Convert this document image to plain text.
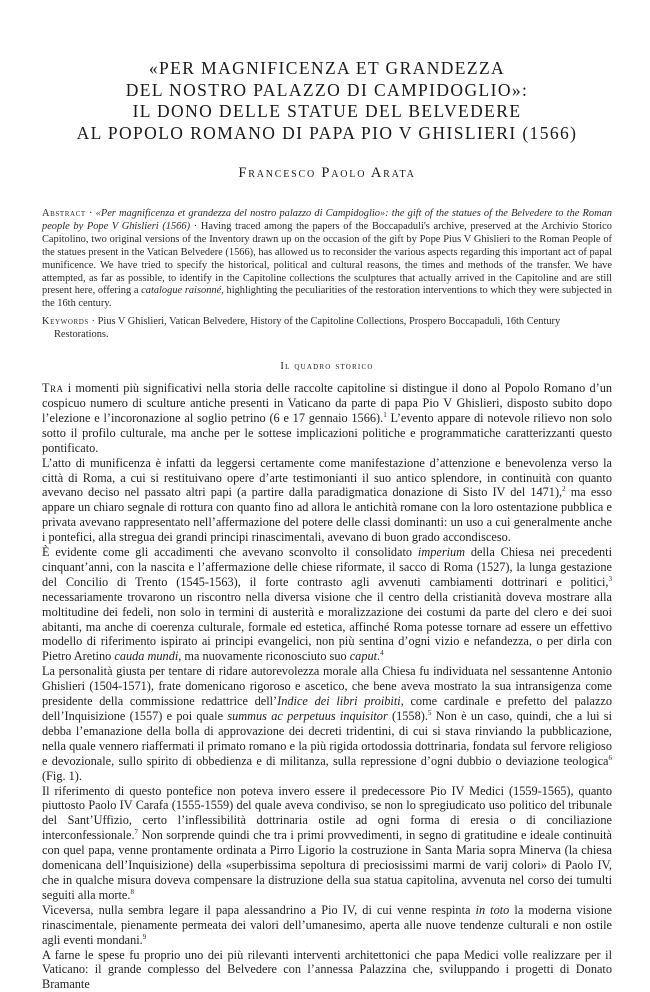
«PER MAGNIFICENZA ET GRANDEZZA
DEL NOSTRO PALAZZO DI CAMPIDOGLIO»:
IL DONO DELLE STATUE DEL BELVEDERE
AL POPOLO ROMANO DI PAPA PIO V GHISLIERI (1566)
Francesco Paolo Arata
Abstract · «Per magnificenza et grandezza del nostro palazzo di Campidoglio»: the gift of the statues of the Belvedere to the Roman people by Pope V Ghislieri (1566) · Having traced among the papers of the Boccapaduli's archive, preserved at the Archivio Storico Capitolino, two original versions of the Inventory drawn up on the occasion of the gift by Pope Pius V Ghislieri to the Roman People of the statues present in the Vatican Belvedere (1566), has allowed us to reconsider the various aspects regarding this important act of papal munificence. We have tried to specify the historical, political and cultural reasons, the times and methods of the transfer. We have attempted, as far as possible, to identify in the Capitoline collections the sculptures that actually arrived in the Capitoline and are still present here, offering a catalogue raisonné, highlighting the peculiarities of the restoration interventions to which they were subjected in the 16th century.
Keywords · Pius V Ghislieri, Vatican Belvedere, History of the Capitoline Collections, Prospero Boccapaduli, 16th Century Restorations.
Il quadro storico

Tra i momenti più significativi nella storia delle raccolte capitoline si distingue il dono al Popolo Romano d’un cospicuo numero di sculture antiche presenti in Vaticano da parte di papa Pio V Ghislieri, disposto subito dopo l’elezione e l’incoronazione al soglio petrino (6 e 17 gennaio 1566).$^1$ L’evento appare di notevole rilievo non solo sotto il profilo culturale, ma anche per le sottese implicazioni politiche e programmatiche caratterizzanti questo pontificato.

L’atto di munificenza è infatti da leggersi certamente come manifestazione d’attenzione e benevolenza verso la città di Roma, a cui si restituivano opere d’arte testimonianti il suo antico splendore, in continuità con quanto avevano deciso nel passato altri papi (a partire dalla paradigmatica donazione di Sisto IV del 1471),$^2$ ma esso appare un chiaro segnale di rottura con quanto fino ad allora le antichità romane con la loro ostentazione pubblica e privata avevano rappresentato nell’affermazione del potere delle classi dominanti: un uso a cui generalmente anche i pontefici, alla stregua dei grandi principi rinascimentali, avevano di buon grado accondisceso.

È evidente come gli accadimenti che avevano sconvolto il consolidato imperium della Chiesa nei precedenti cinquant’anni, con la nascita e l’affermazione delle chiese riformate, il sacco di Roma (1527), la lunga gestazione del Concilio di Trento (1545-1563), il forte contrasto agli avvenuti cambiamenti dottrinari e politici,$^3$ necessariamente trovarono un riscontro nella diversa visione che il centro della cristianità doveva mostrare alla moltitudine dei fedeli, non solo in termini di austerità e moralizzazione dei costumi da parte del clero e dei suoi abitanti, ma anche di coerenza culturale, formale ed estetica, affinché Roma potesse tornare ad essere un effettivo modello di riferimento ispirato ai principi evangelici, non più sentina d’ogni vizio e nefandezza, o per dirla con Pietro Aretino cauda mundi, ma nuovamente riconosciuto suo caput.$^4$

La personalità giusta per tentare di ridare autorevolezza morale alla Chiesa fu individuata nel sessantenne Antonio Ghislieri (1504-1571), frate domenicano rigoroso e ascetico, che bene aveva mostrato la sua intransigenza come presidente della commissione redattrice dell’Indice dei libri proibiti, come cardinale e prefetto del palazzo dell’Inquisizione (1557) e poi quale summus ac perpetuus inquisitor (1558).$^5$ Non è un caso, quindi, che a lui si debba l’emanazione della bolla di approvazione dei decreti tridentini, di cui si stava rinviando la pubblicazione, nella quale vennero riaffermati il primato romano e la più rigida ortodossia dottrinaria, fondata sul fervore religioso e devozionale, sullo spirito di obbedienza e di militanza, sulla repressione d’ogni dubbio o deviazione teologica$^6$ (Fig. 1).

Il riferimento di questo pontefice non poteva invero essere il predecessore Pio IV Medici (1559-1565), quanto piuttosto Paolo IV Carafa (1555-1559) del quale aveva condiviso, se non lo spregiudicato uso politico del tribunale del Sant’Uffizio, certo l’inflessibilità dottrinaria ostile ad ogni forma di eresia o di conciliazione interconfessionale.$^7$ Non sorprende quindi che tra i primi provvedimenti, in segno di gratitudine e ideale continuità con quel papa, venne prontamente ordinata a Pirro Ligorio la costruzione in Santa Maria sopra Minerva (la chiesa domenicana dell’Inquisizione) della «superbissima sepoltura di preciosissimi marmi de varij colori» di Paolo IV, che in qualche misura doveva compensare la distruzione della sua statua capitolina, avvenuta nel corso dei tumulti seguiti alla morte.$^8$

Viceversa, nulla sembra legare il papa alessandrino a Pio IV, di cui venne respinta in toto la moderna visione rinascimentale, pienamente permeata dei valori dell’umanesimo, aperta alle nuove tendenze culturali e non ostile agli eventi mondani.$^9$

A farne le spese fu proprio uno dei più rilevanti interventi architettonici che papa Medici volle realizzare per il Vaticano: il grande complesso del Belvedere con l’annessa Palazzina che, sviluppando i progetti di Donato Bramante
